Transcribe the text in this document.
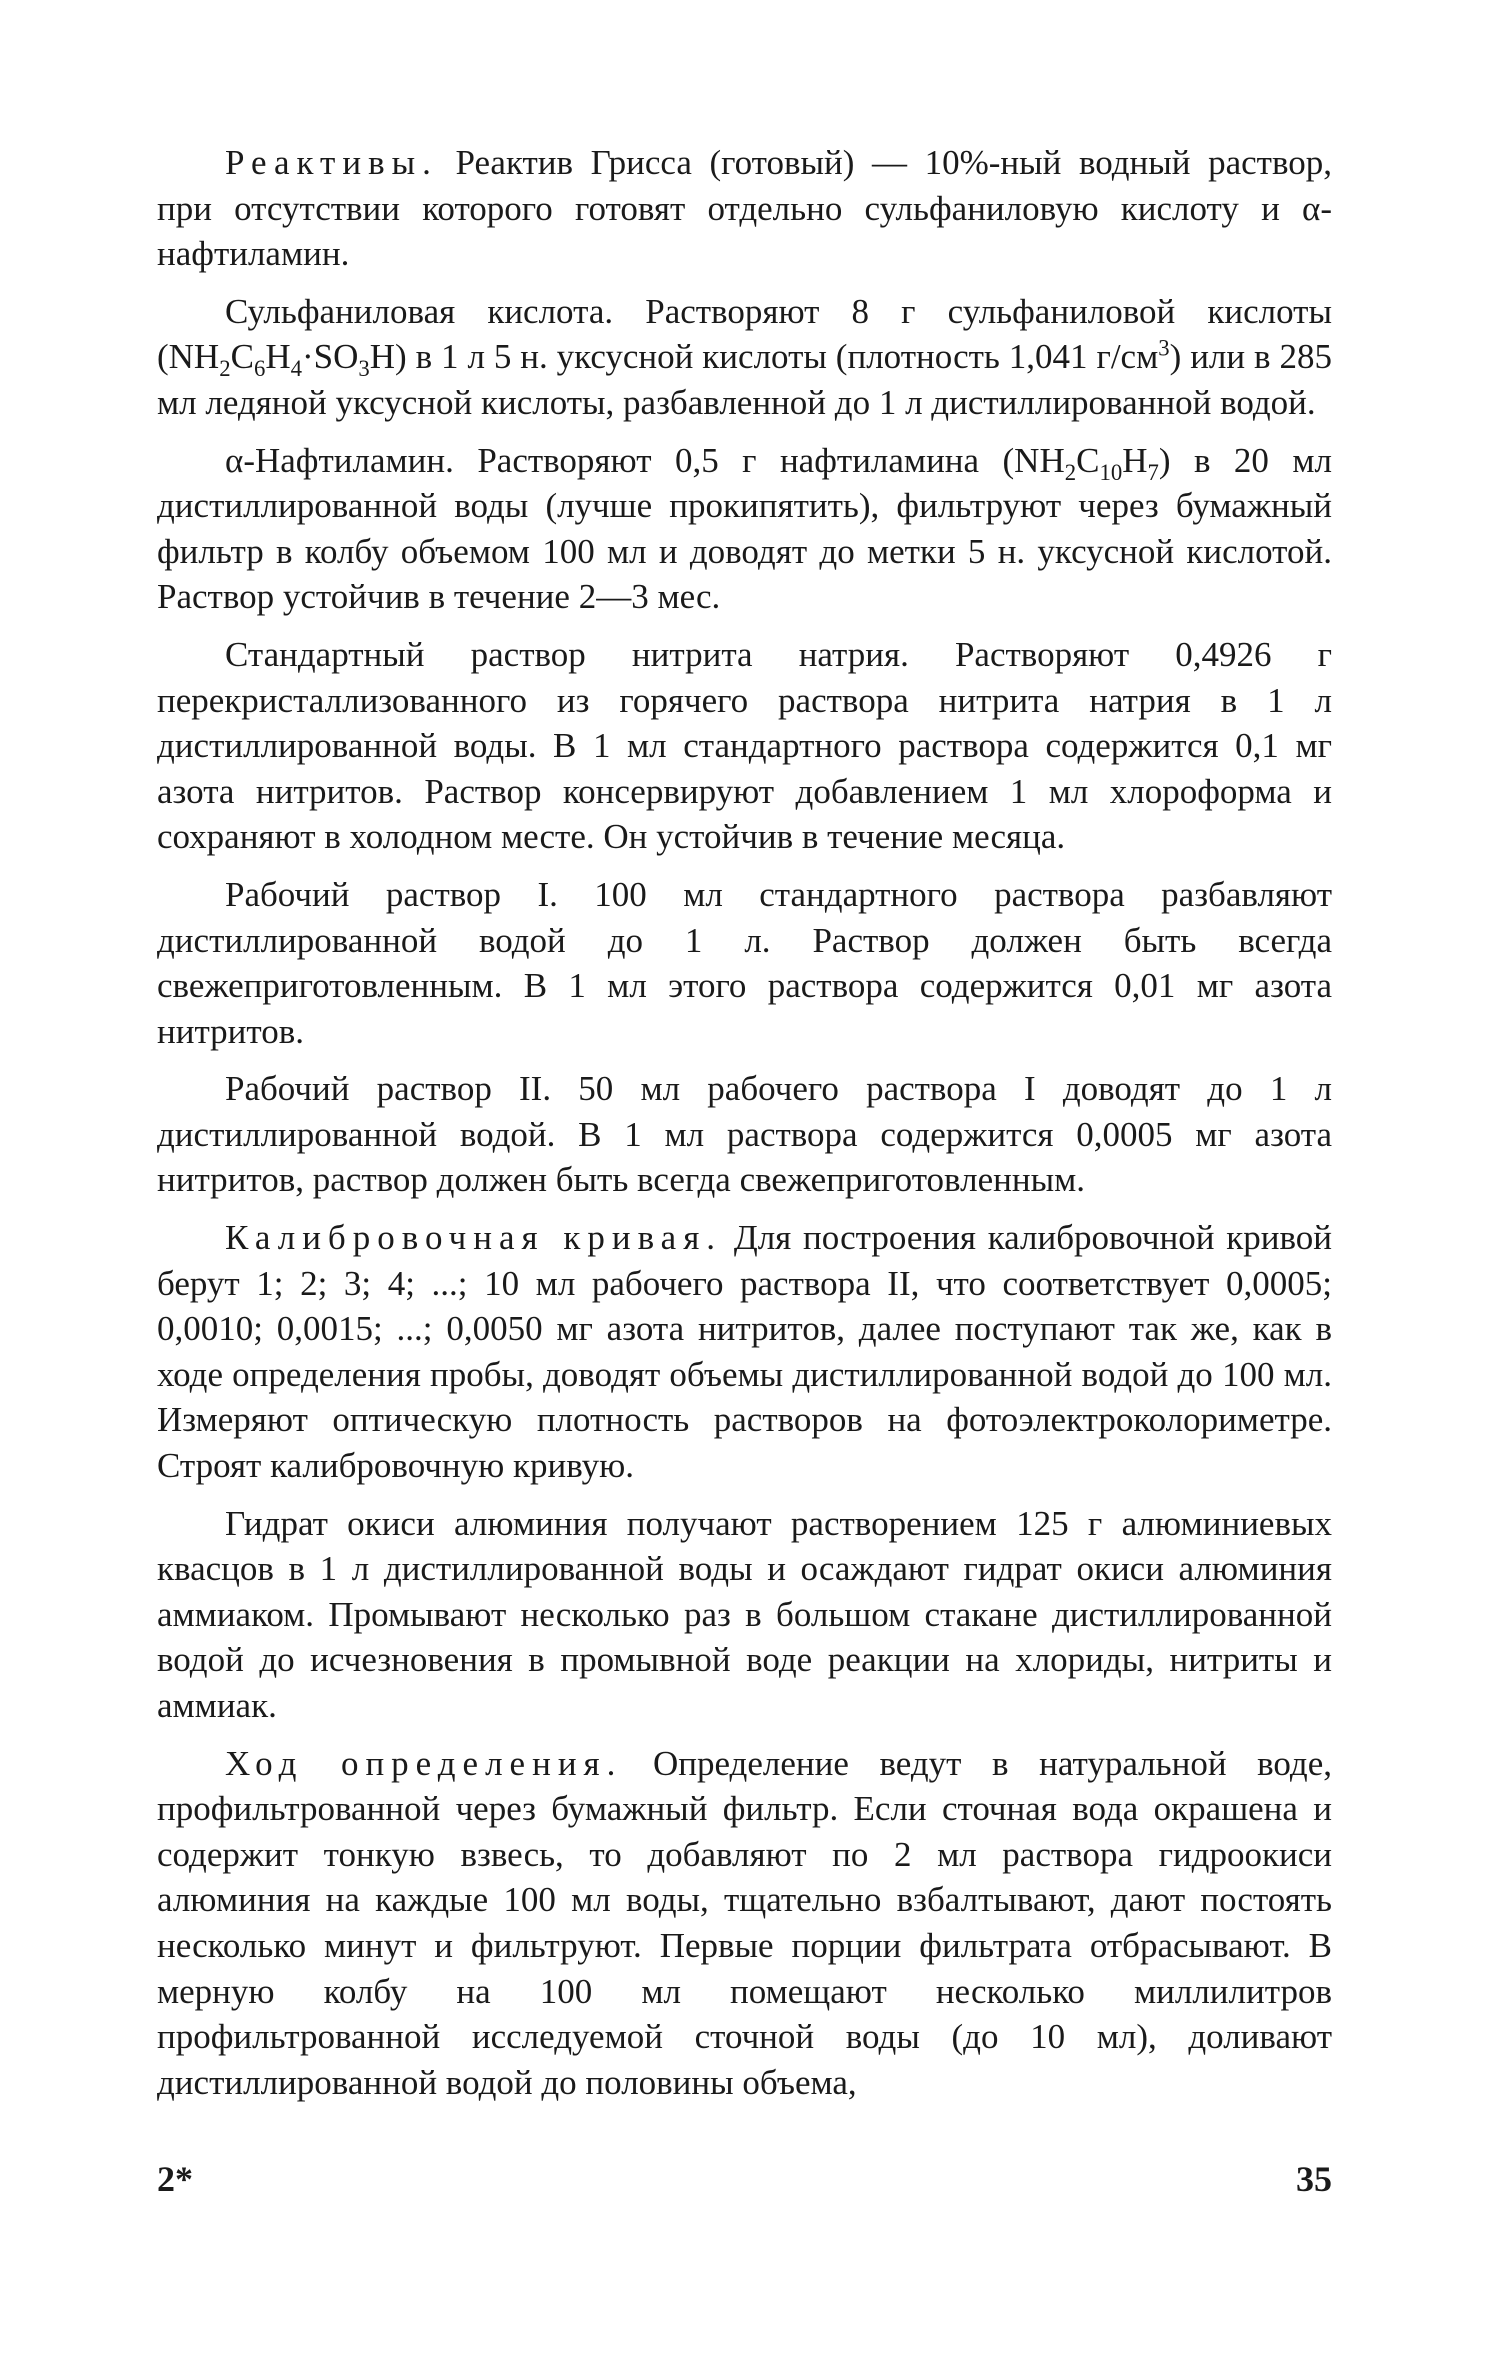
Реактивы. Реактив Грисса (готовый) — 10%-ный водный раствор, при отсутствии которого готовят отдельно сульфаниловую кислоту и α-нафтиламин.

Сульфаниловая кислота. Растворяют 8 г сульфаниловой кислоты $(NH_2C_6H_4\cdot SO_3H)$ в 1 л 5 н. уксусной кислоты (плотность 1,041 $г/см^3$) или в 285 мл ледяной уксусной кислоты, разбавленной до 1 л дистиллированной водой.

α-Нафтиламин. Растворяют 0,5 г нафтиламина $(NH_2C_{10}H_7)$ в 20 мл дистиллированной воды (лучше прокипятить), фильтруют через бумажный фильтр в колбу объемом 100 мл и доводят до метки 5 н. уксусной кислотой. Раствор устойчив в течение 2—3 мес.

Стандартный раствор нитрита натрия. Растворяют 0,4926 г перекристаллизованного из горячего раствора нитрита натрия в 1 л дистиллированной воды. В 1 мл стандартного раствора содержится 0,1 мг азота нитритов. Раствор консервируют добавлением 1 мл хлороформа и сохраняют в холодном месте. Он устойчив в течение месяца.

Рабочий раствор I. 100 мл стандартного раствора разбавляют дистиллированной водой до 1 л. Раствор должен быть всегда свежеприготовленным. В 1 мл этого раствора содержится 0,01 мг азота нитритов.

Рабочий раствор II. 50 мл рабочего раствора I доводят до 1 л дистиллированной водой. В 1 мл раствора содержится 0,0005 мг азота нитритов, раствор должен быть всегда свежеприготовленным.

Калибровочная кривая. Для построения калибровочной кривой берут 1; 2; 3; 4; ...; 10 мл рабочего раствора II, что соответствует 0,0005; 0,0010; 0,0015; ...; 0,0050 мг азота нитритов, далее поступают так же, как в ходе определения пробы, доводят объемы дистиллированной водой до 100 мл. Измеряют оптическую плотность растворов на фотоэлектроколориметре. Строят калибровочную кривую.

Гидрат окиси алюминия получают растворением 125 г алюминиевых квасцов в 1 л дистиллированной воды и осаждают гидрат окиси алюминия аммиаком. Промывают несколько раз в большом стакане дистиллированной водой до исчезновения в промывной воде реакции на хлориды, нитриты и аммиак.

Ход определения. Определение ведут в натуральной воде, профильтрованной через бумажный фильтр. Если сточная вода окрашена и содержит тонкую взвесь, то добавляют по 2 мл раствора гидроокиси алюминия на каждые 100 мл воды, тщательно взбалтывают, дают постоять несколько минут и фильтруют. Первые порции фильтрата отбрасывают. В мерную колбу на 100 мл помещают несколько миллилитров профильтрованной исследуемой сточной воды (до 10 мл), доливают дистиллированной водой до половины объема,

2*	35
